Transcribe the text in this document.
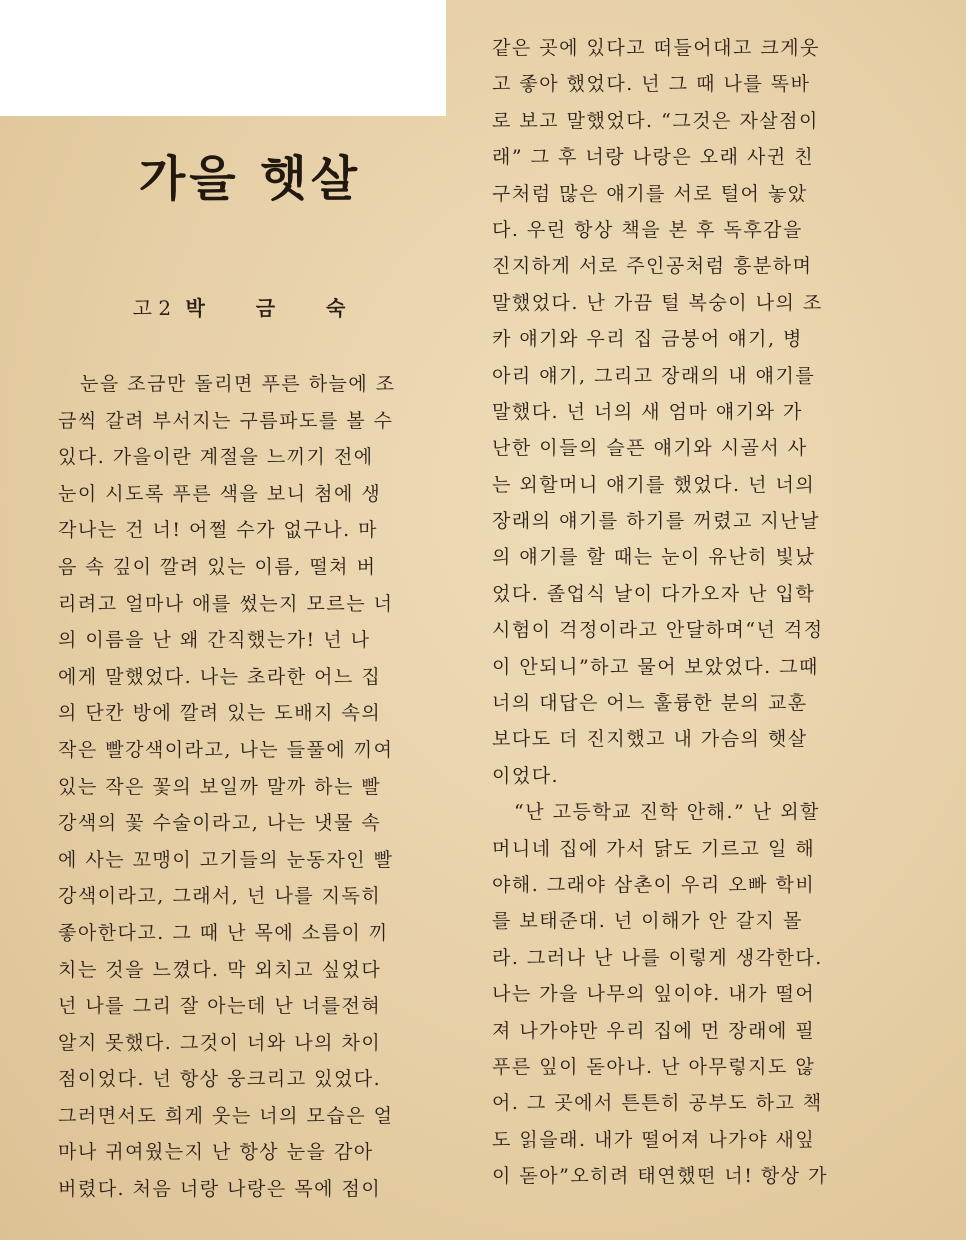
가을 햇살
고 2 박 금 숙
눈을 조금만 돌리면 푸른 하늘에 조
금씩 갈려 부서지는 구름파도를 볼 수
있다. 가을이란 계절을 느끼기 전에
눈이 시도록 푸른 색을 보니 첨에 생
각나는 건 너! 어쩔 수가 없구나. 마
음 속 깊이 깔려 있는 이름, 떨쳐 버
리려고 얼마나 애를 썼는지 모르는 너
의 이름을 난 왜 간직했는가! 넌 나
에게 말했었다. 나는 초라한 어느 집
의 단칸 방에 깔려 있는 도배지 속의
작은 빨강색이라고, 나는 들풀에 끼여
있는 작은 꽃의 보일까 말까 하는 빨
강색의 꽃 수술이라고, 나는 냇물 속
에 사는 꼬맹이 고기들의 눈동자인 빨
강색이라고, 그래서, 넌 나를 지독히
좋아한다고. 그 때 난 목에 소름이 끼
치는 것을 느꼈다. 막 외치고 싶었다
넌 나를 그리 잘 아는데 난 너를전혀
알지 못했다. 그것이 너와 나의 차이
점이었다. 넌 항상 웅크리고 있었다.
그러면서도 희게 웃는 너의 모습은 얼
마나 귀여웠는지 난 항상 눈을 감아
버렸다. 처음 너랑 나랑은 목에 점이
같은 곳에 있다고 떠들어대고 크게웃
고 좋아 했었다. 넌 그 때 나를 똑바
로 보고 말했었다. “그것은 자살점이
래” 그 후 너랑 나랑은 오래 사귄 친
구처럼 많은 얘기를 서로 털어 놓았
다. 우린 항상 책을 본 후 독후감을
진지하게 서로 주인공처럼 흥분하며
말했었다. 난 가끔 털 복숭이 나의 조
카 얘기와 우리 집 금붕어 얘기, 병
아리 얘기, 그리고 장래의 내 얘기를
말했다. 넌 너의 새 엄마 얘기와 가
난한 이들의 슬픈 얘기와 시골서 사
는 외할머니 얘기를 했었다. 넌 너의
장래의 얘기를 하기를 꺼렸고 지난날
의 얘기를 할 때는 눈이 유난히 빛났
었다. 졸업식 날이 다가오자 난 입학
시험이 걱정이라고 안달하며“넌 걱정
이 안되니”하고 물어 보았었다. 그때
너의 대답은 어느 훌륭한 분의 교훈
보다도 더 진지했고 내 가슴의 햇살
이었다.
“난 고등학교 진학 안해.” 난 외할
머니네 집에 가서 닭도 기르고 일 해
야해. 그래야 삼촌이 우리 오빠 학비
를 보태준대. 넌 이해가 안 갈지 몰
라. 그러나 난 나를 이렇게 생각한다.
나는 가을 나무의 잎이야. 내가 떨어
져 나가야만 우리 집에 먼 장래에 필
푸른 잎이 돋아나. 난 아무렇지도 않
어. 그 곳에서 튼튼히 공부도 하고 책
도 읽을래. 내가 떨어져 나가야 새잎
이 돋아”오히려 태연했떤 너! 항상 가
